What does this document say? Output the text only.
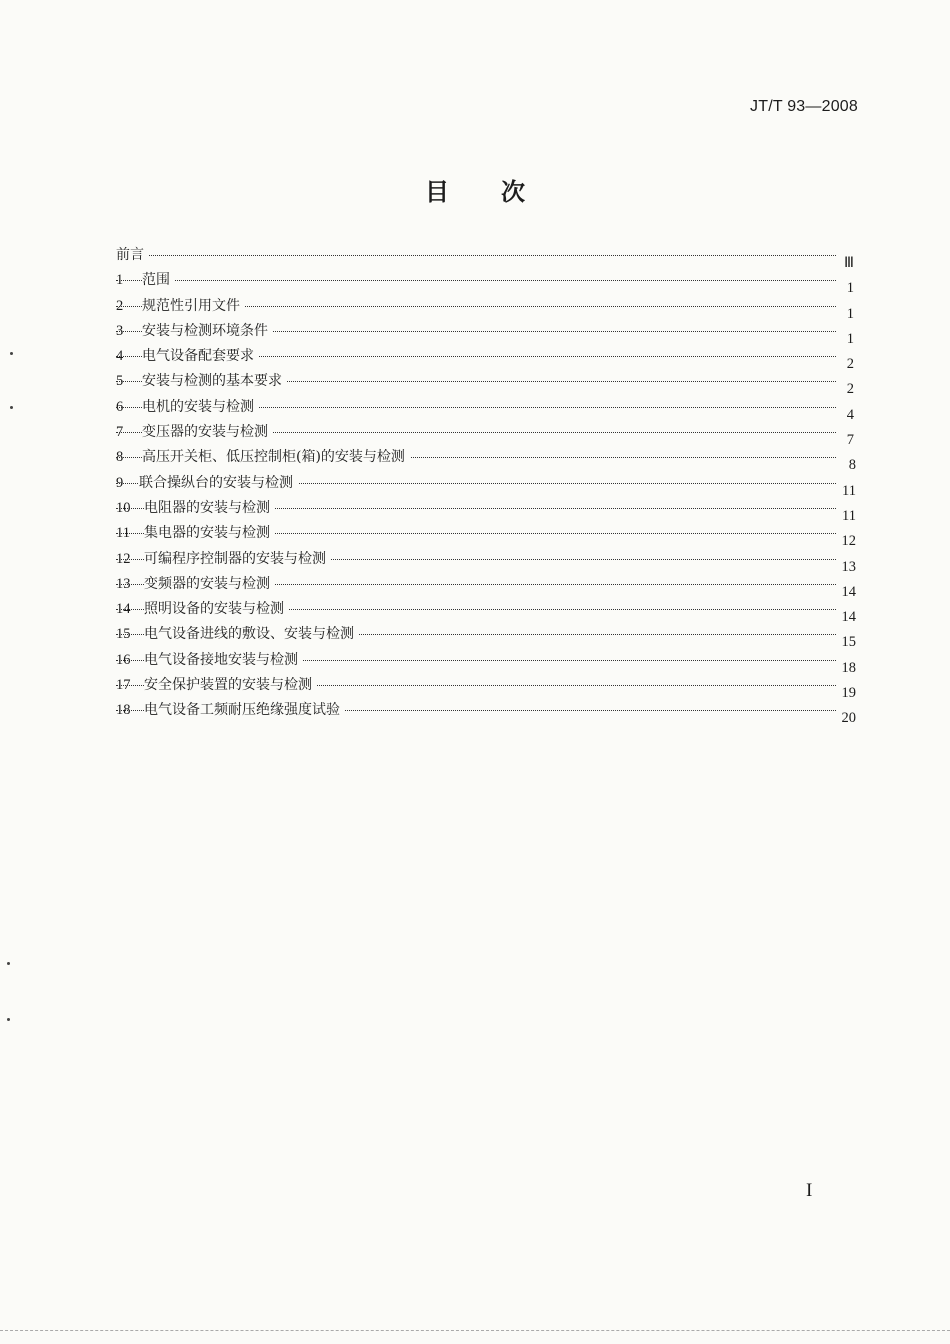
JT/T 93—2008
目 次
前言	Ⅲ
1 范围	1
2 规范性引用文件	1
3 安装与检测环境条件	1
4 电气设备配套要求	2
5 安装与检测的基本要求	2
6 电机的安装与检测	4
7 变压器的安装与检测	7
8 高压开关柜、低压控制柜(箱)的安装与检测	8
9 联合操纵台的安装与检测	11
10 电阻器的安装与检测	11
11 集电器的安装与检测	12
12 可编程序控制器的安装与检测	13
13 变频器的安装与检测	14
14 照明设备的安装与检测	14
15 电气设备进线的敷设、安装与检测	15
16 电气设备接地安装与检测	18
17 安全保护装置的安装与检测	19
18 电气设备工频耐压绝缘强度试验	20
I
